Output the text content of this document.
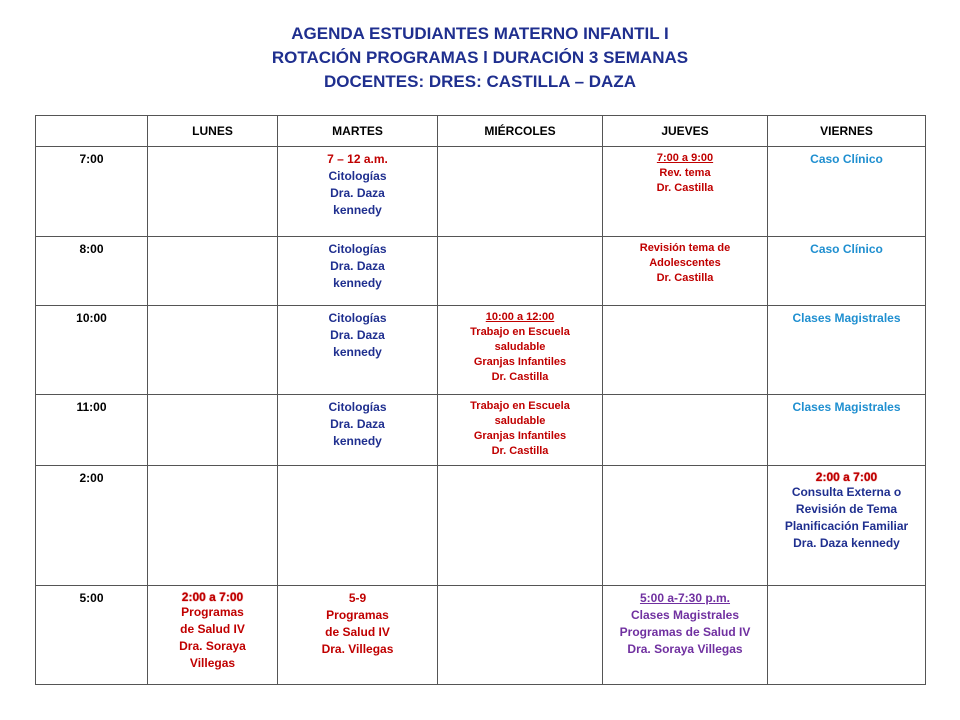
AGENDA ESTUDIANTES MATERNO INFANTIL I
ROTACIÓN PROGRAMAS l DURACIÓN 3 SEMANAS
DOCENTES: DRES: CASTILLA – DAZA
	LUNES	MARTES	MIÉRCOLES	JUEVES	VIERNES
7:00		7 – 12 a.m.
Citologías
Dra. Daza
kennedy		7:00 a 9:00
Rev. tema
Dr. Castilla	Caso Clínico

8:00		Citologías
Dra. Daza
kennedy		Revisión tema de
Adolescentes
Dr. Castilla	Caso Clínico

10:00		Citologías
Dra. Daza
kennedy	10:00 a 12:00
Trabajo en Escuela
saludable
Granjas Infantiles
Dr. Castilla		Clases Magistrales

11:00		Citologías
Dra. Daza
kennedy	Trabajo en Escuela
saludable
Granjas Infantiles
Dr. Castilla		Clases Magistrales

2:00					2:00 a 7:00
Consulta Externa o
Revisión de Tema
Planificación Familiar
Dra. Daza kennedy

5:00	2:00 a 7:00
Programas
de Salud IV
Dra. Soraya
Villegas	5-9
Programas
de Salud IV
Dra. Villegas		5:00 a-7:30 p.m.
Clases Magistrales
Programas de Salud IV
Dra. Soraya Villegas	
